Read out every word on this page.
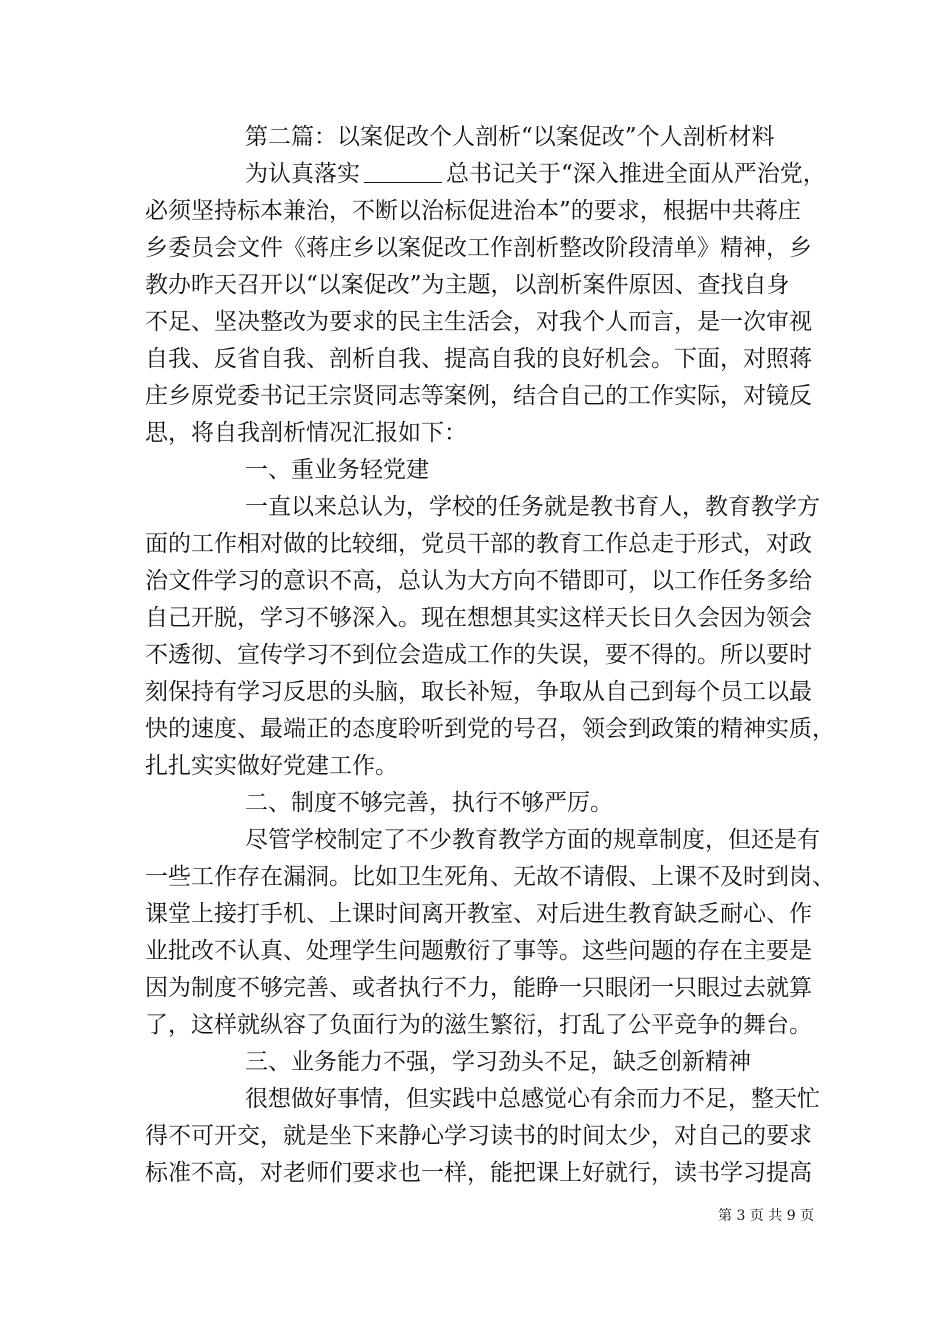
第二篇：以案促改个人剖析“以案促改”个人剖析材料
为认真落实	总书记关于“深入推进全面从严治党，
必须坚持标本兼治，不断以治标促进治本”的要求，根据中共蒋庄
乡委员会文件《蒋庄乡以案促改工作剖析整改阶段清单》精神，乡
教办昨天召开以“以案促改”为主题，以剖析案件原因、查找自身
不足、坚决整改为要求的民主生活会，对我个人而言，是一次审视
自我、反省自我、剖析自我、提高自我的良好机会。下面，对照蒋
庄乡原党委书记王宗贤同志等案例，结合自己的工作实际，对镜反
思，将自我剖析情况汇报如下：
一、重业务轻党建
一直以来总认为，学校的任务就是教书育人，教育教学方
面的工作相对做的比较细，党员干部的教育工作总走于形式，对政
治文件学习的意识不高，总认为大方向不错即可，以工作任务多给
自己开脱，学习不够深入。现在想想其实这样天长日久会因为领会
不透彻、宣传学习不到位会造成工作的失误，要不得的。所以要时
刻保持有学习反思的头脑，取长补短，争取从自己到每个员工以最
快的速度、最端正的态度聆听到党的号召，领会到政策的精神实质，
扎扎实实做好党建工作。
二、制度不够完善，执行不够严厉。
尽管学校制定了不少教育教学方面的规章制度，但还是有
一些工作存在漏洞。比如卫生死角、无故不请假、上课不及时到岗、
课堂上接打手机、上课时间离开教室、对后进生教育缺乏耐心、作
业批改不认真、处理学生问题敷衍了事等。这些问题的存在主要是
因为制度不够完善、或者执行不力，能睁一只眼闭一只眼过去就算
了，这样就纵容了负面行为的滋生繁衍，打乱了公平竞争的舞台。
三、业务能力不强，学习劲头不足，缺乏创新精神
很想做好事情，但实践中总感觉心有余而力不足，整天忙
得不可开交，就是坐下来静心学习读书的时间太少，对自己的要求
标准不高，对老师们要求也一样，能把课上好就行，读书学习提高
第 3 页 共 9 页
